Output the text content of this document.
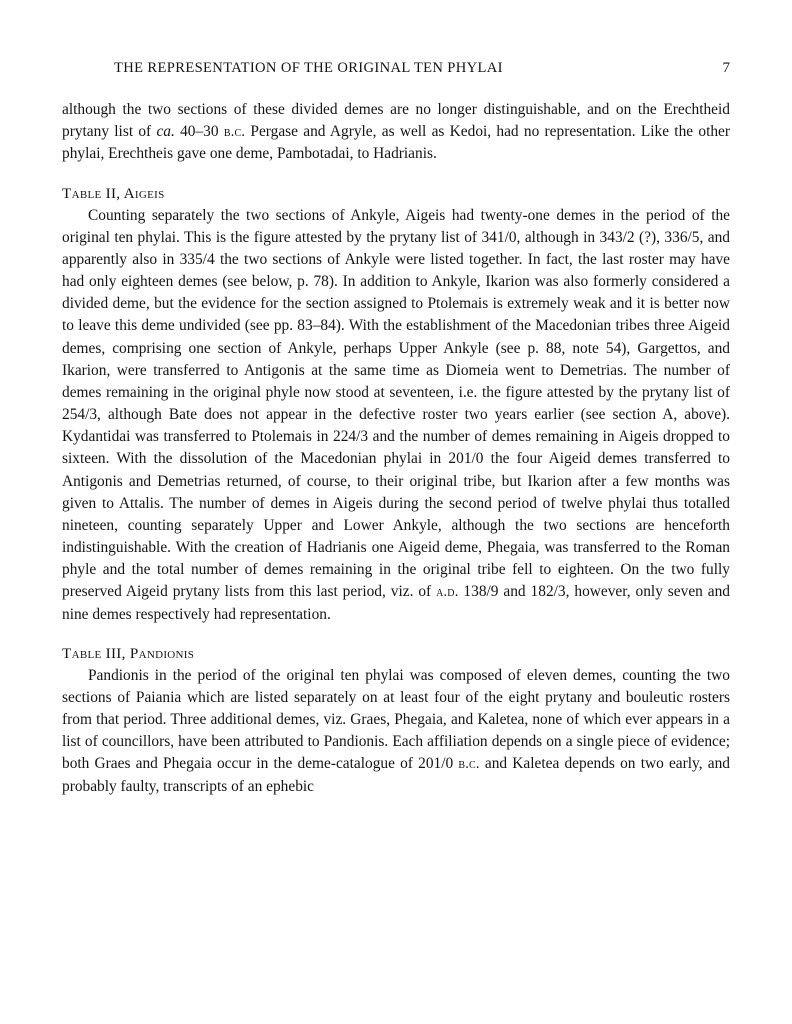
THE REPRESENTATION OF THE ORIGINAL TEN PHYLAI	7

although the two sections of these divided demes are no longer distinguishable, and on the Erechtheid prytany list of ca. 40–30 b.c. Pergase and Agryle, as well as Kedoi, had no representation. Like the other phylai, Erechtheis gave one deme, Pambotadai, to Hadrianis.

Table II, Aigeis

Counting separately the two sections of Ankyle, Aigeis had twenty-one demes in the period of the original ten phylai. This is the figure attested by the prytany list of 341/0, although in 343/2 (?), 336/5, and apparently also in 335/4 the two sections of Ankyle were listed together. In fact, the last roster may have had only eighteen demes (see below, p. 78). In addition to Ankyle, Ikarion was also formerly considered a divided deme, but the evidence for the section assigned to Ptolemais is extremely weak and it is better now to leave this deme undivided (see pp. 83–84). With the establishment of the Macedonian tribes three Aigeid demes, comprising one section of Ankyle, perhaps Upper Ankyle (see p. 88, note 54), Gargettos, and Ikarion, were transferred to Antigonis at the same time as Diomeia went to Demetrias. The number of demes remaining in the original phyle now stood at seventeen, i.e. the figure attested by the prytany list of 254/3, although Bate does not appear in the defective roster two years earlier (see section A, above). Kydantidai was transferred to Ptolemais in 224/3 and the number of demes remaining in Aigeis dropped to sixteen. With the dissolution of the Macedonian phylai in 201/0 the four Aigeid demes transferred to Antigonis and Demetrias returned, of course, to their original tribe, but Ikarion after a few months was given to Attalis. The number of demes in Aigeis during the second period of twelve phylai thus totalled nineteen, counting separately Upper and Lower Ankyle, although the two sections are henceforth indistinguishable. With the creation of Hadrianis one Aigeid deme, Phegaia, was transferred to the Roman phyle and the total number of demes remaining in the original tribe fell to eighteen. On the two fully preserved Aigeid prytany lists from this last period, viz. of a.d. 138/9 and 182/3, however, only seven and nine demes respectively had representation.

Table III, Pandionis

Pandionis in the period of the original ten phylai was composed of eleven demes, counting the two sections of Paiania which are listed separately on at least four of the eight prytany and bouleutic rosters from that period. Three additional demes, viz. Graes, Phegaia, and Kaletea, none of which ever appears in a list of councillors, have been attributed to Pandionis. Each affiliation depends on a single piece of evidence; both Graes and Phegaia occur in the deme-catalogue of 201/0 b.c. and Kaletea depends on two early, and probably faulty, transcripts of an ephebic
